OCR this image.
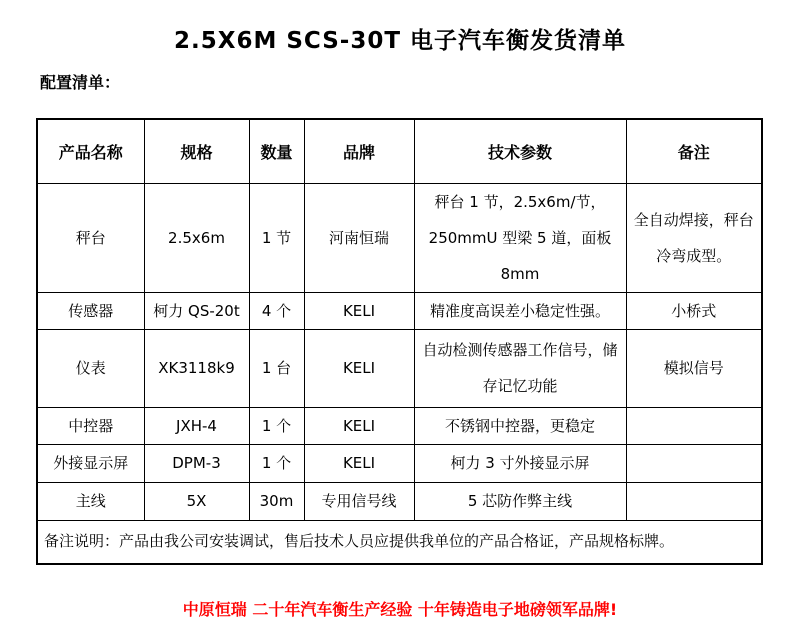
2.5X6M SCS-30T 电子汽车衡发货清单
配置清单：
产品名称	规格	数量	品牌	技术参数	备注
秤台	2.5x6m	1 节	河南恒瑞	秤台 1 节，2.5x6m/节，250mmU 型梁 5 道，面板 8mm	全自动焊接，秤台冷弯成型。
传感器	柯力 QS-20t	4 个	KELI	精准度高误差小稳定性强。	小桥式
仪表	XK3118k9	1 台	KELI	自动检测传感器工作信号，储存记忆功能	模拟信号
中控器	JXH-4	1 个	KELI	不锈钢中控器，更稳定	
外接显示屏	DPM-3	1 个	KELI	柯力 3 寸外接显示屏	
主线	5X	30m	专用信号线	5 芯防作弊主线	
备注说明：产品由我公司安装调试，售后技术人员应提供我单位的产品合格证，产品规格标牌。					
中原恒瑞 二十年汽车衡生产经验 十年铸造电子地磅领军品牌!
